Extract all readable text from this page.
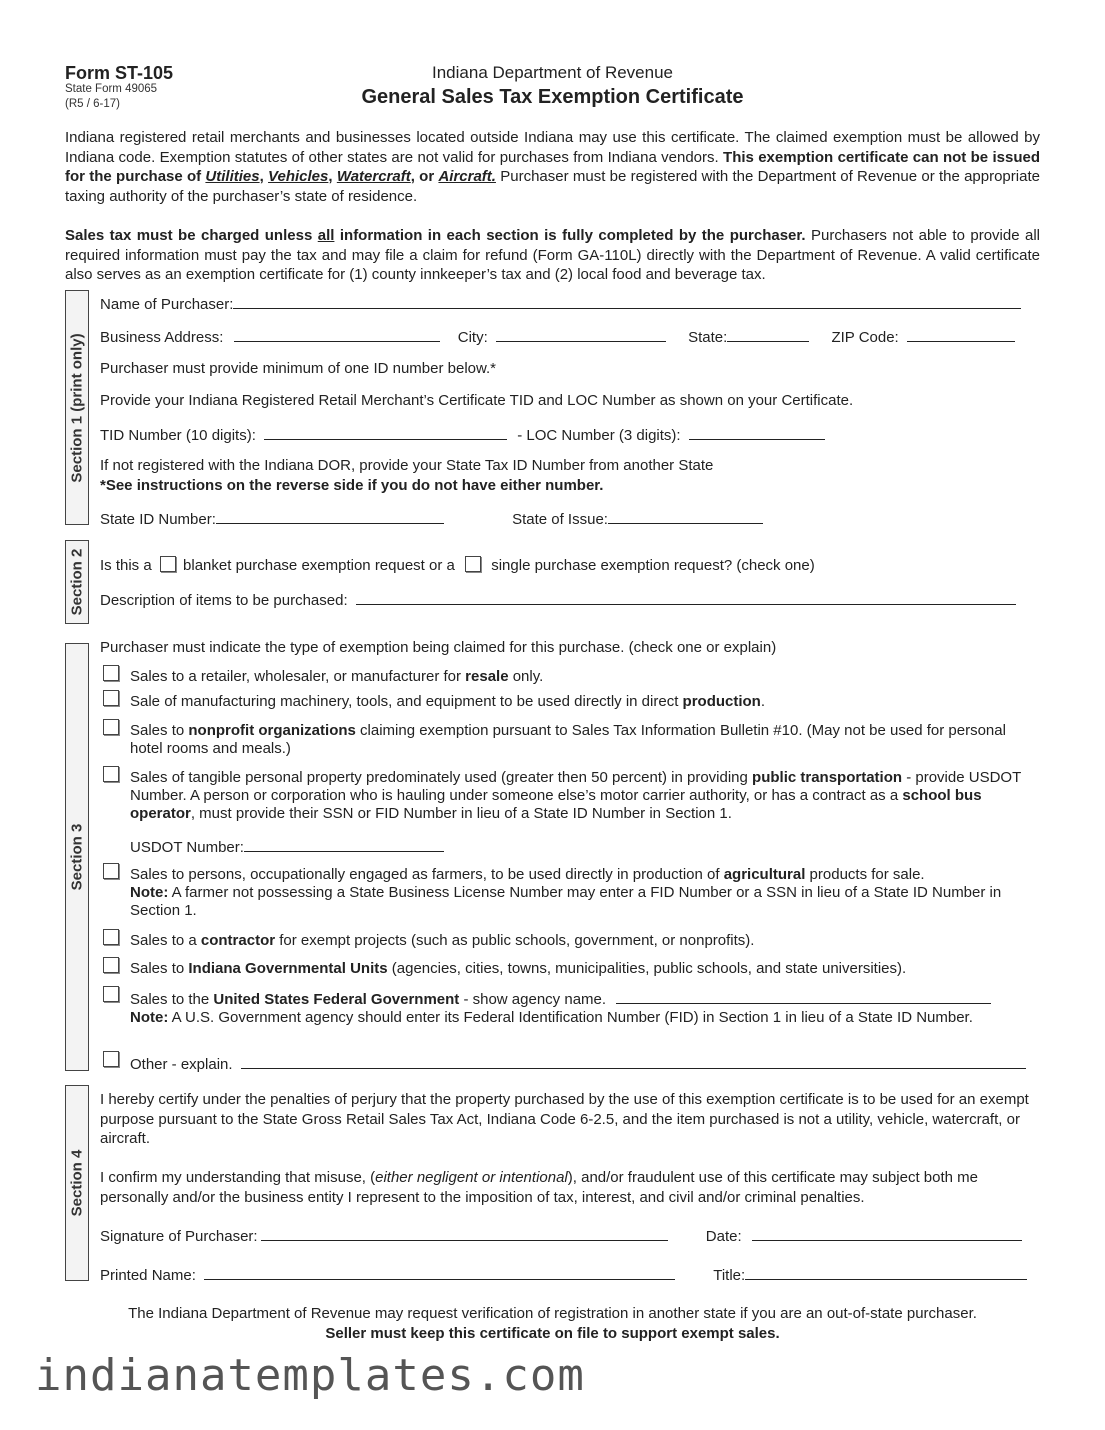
Form ST-105
State Form 49065
(R5 / 6-17)
Indiana Department of Revenue
General Sales Tax Exemption Certificate
Indiana registered retail merchants and businesses located outside Indiana may use this certificate. The claimed exemption must be allowed by Indiana code. Exemption statutes of other states are not valid for purchases from Indiana vendors. This exemption certificate can not be issued for the purchase of Utilities, Vehicles, Watercraft, or Aircraft. Purchaser must be registered with the Department of Revenue or the appropriate taxing authority of the purchaser’s state of residence.
Sales tax must be charged unless all information in each section is fully completed by the purchaser. Purchasers not able to provide all required information must pay the tax and may file a claim for refund (Form GA-110L) directly with the Department of Revenue. A valid certificate also serves as an exemption certificate for (1) county innkeeper’s tax and (2) local food and beverage tax.
Section 1 (print only)
Name of Purchaser:
Business Address:	City:	State:	ZIP Code:
Purchaser must provide minimum of one ID number below.*
Provide your Indiana Registered Retail Merchant’s Certificate TID and LOC Number as shown on your Certificate.
TID Number (10 digits):	- LOC Number (3 digits):
If not registered with the Indiana DOR, provide your State Tax ID Number from another State
*See instructions on the reverse side if you do not have either number.
State ID Number:	State of Issue:
Section 2 Is this a blanket purchase exemption request or a single purchase exemption request? (check one)
Description of items to be purchased:
Section 3
Purchaser must indicate the type of exemption being claimed for this purchase. (check one or explain)
Sales to a retailer, wholesaler, or manufacturer for resale only.
Sale of manufacturing machinery, tools, and equipment to be used directly in direct production.
Sales to nonprofit organizations claiming exemption pursuant to Sales Tax Information Bulletin #10. (May not be used for personal hotel rooms and meals.)
Sales of tangible personal property predominately used (greater then 50 percent) in providing public transportation - provide USDOT Number. A person or corporation who is hauling under someone else’s motor carrier authority, or has a contract as a school bus operator, must provide their SSN or FID Number in lieu of a State ID Number in Section 1.
USDOT Number:
Sales to persons, occupationally engaged as farmers, to be used directly in production of agricultural products for sale.
Note: A farmer not possessing a State Business License Number may enter a FID Number or a SSN in lieu of a State ID Number in Section 1.
Sales to a contractor for exempt projects (such as public schools, government, or nonprofits).
Sales to Indiana Governmental Units (agencies, cities, towns, municipalities, public schools, and state universities).
Sales to the United States Federal Government - show agency name.
Note: A U.S. Government agency should enter its Federal Identification Number (FID) in Section 1 in lieu of a State ID Number.
Other - explain.
Section 4
I hereby certify under the penalties of perjury that the property purchased by the use of this exemption certificate is to be used for an exempt purpose pursuant to the State Gross Retail Sales Tax Act, Indiana Code 6-2.5, and the item purchased is not a utility, vehicle, watercraft, or aircraft.
I confirm my understanding that misuse, (either negligent or intentional), and/or fraudulent use of this certificate may subject both me personally and/or the business entity I represent to the imposition of tax, interest, and civil and/or criminal penalties.
Signature of Purchaser:	Date:
Printed Name:	Title:
The Indiana Department of Revenue may request verification of registration in another state if you are an out-of-state purchaser.
Seller must keep this certificate on file to support exempt sales.
indianatemplates.com
